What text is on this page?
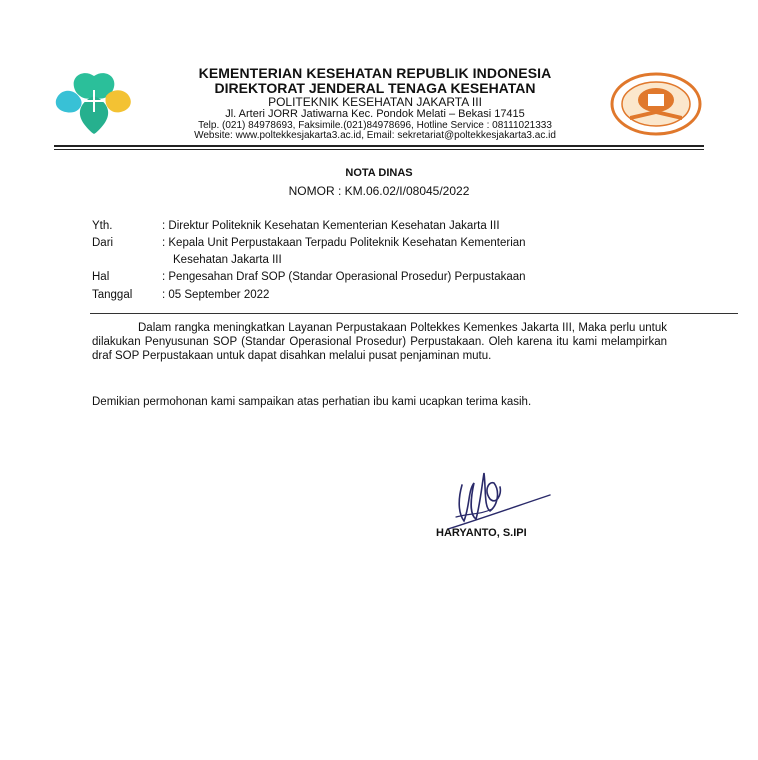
KEMENTERIAN KESEHATAN REPUBLIK INDONESIA
DIREKTORAT JENDERAL TENAGA KESEHATAN
POLITEKNIK KESEHATAN JAKARTA III
Jl. Arteri JORR Jatiwarna Kec. Pondok Melati – Bekasi 17415
Telp. (021) 84978693, Faksimile.(021)84978696, Hotline Service : 08111021333
Website: www.poltekkesjakarta3.ac.id, Email: sekretariat@poltekkesjakarta3.ac.id
NOTA DINAS
NOMOR : KM.06.02/I/08045/2022
Yth.	: Direktur Politeknik Kesehatan Kementerian Kesehatan Jakarta III
Dari	: Kepala Unit Perpustakaan Terpadu Politeknik Kesehatan Kementerian
Kesehatan Jakarta III
Hal	: Pengesahan Draf SOP (Standar Operasional Prosedur) Perpustakaan
Tanggal	: 05 September 2022
Dalam rangka meningkatkan Layanan Perpustakaan Poltekkes Kemenkes Jakarta III, Maka perlu untuk dilakukan Penyusunan SOP (Standar Operasional Prosedur) Perpustakaan. Oleh karena itu kami melampirkan draf SOP Perpustakaan untuk dapat disahkan melalui pusat penjaminan mutu.
Demikian permohonan kami sampaikan atas perhatian ibu kami ucapkan terima kasih.
HARYANTO, S.IPI
